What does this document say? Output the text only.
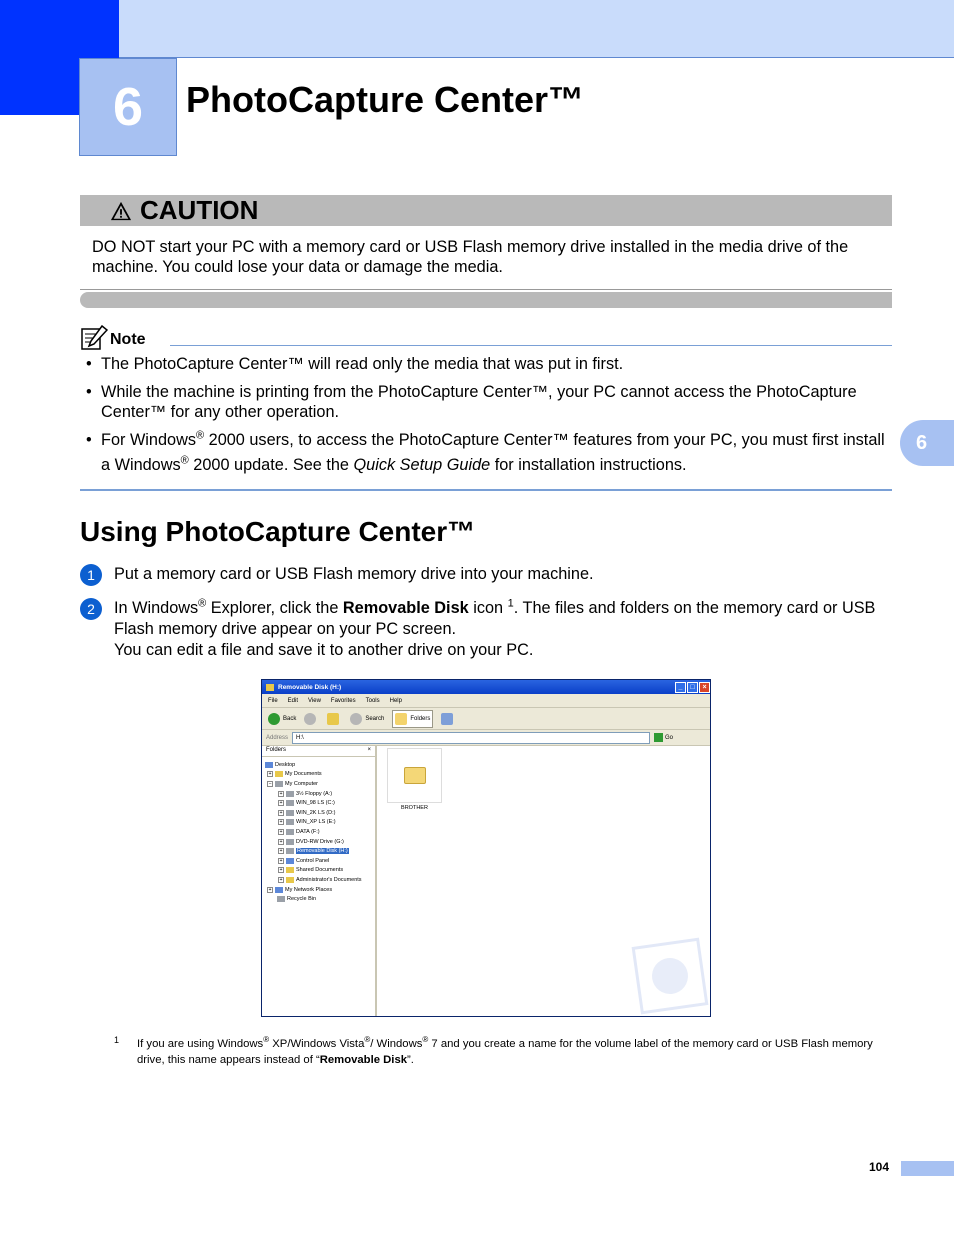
6 PhotoCapture Center™
CAUTION
DO NOT start your PC with a memory card or USB Flash memory drive installed in the media drive of the machine. You could lose your data or damage the media.
Note
• The PhotoCapture Center™ will read only the media that was put in first.
• While the machine is printing from the PhotoCapture Center™, your PC cannot access the PhotoCapture Center™ for any other operation.
• For Windows® 2000 users, to access the PhotoCapture Center™ features from your PC, you must first install a Windows® 2000 update. See the Quick Setup Guide for installation instructions.
6
Using PhotoCapture Center™
1	Put a memory card or USB Flash memory drive into your machine.
2	In Windows® Explorer, click the Removable Disk icon $^1$. The files and folders on the memory card or USB Flash memory drive appear on your PC screen.
You can edit a file and save it to another drive on your PC.
Removable Disk (H:)	_	□	×
File Edit View Favorites Tools Help
Back	Search	Folders
Address	H:\	Go
Folders	×
Desktop
+ My Documents
− My Computer
+ 3½ Floppy (A:)
+ WIN_98 LS (C:)
+ WIN_2K LS (D:)
+ WIN_XP LS (E:)
+ DATA (F:)
+ DVD-RW Drive (G:)
+	Removable Disk (H:)
+ Control Panel
+ Shared Documents
+ Administrator's Documents
+ My Network Places
Recycle Bin
BROTHER
1 If you are using Windows® XP/Windows Vista®/ Windows® 7 and you create a name for the volume label of the memory card or USB Flash memory drive, this name appears instead of “Removable Disk”.
104
